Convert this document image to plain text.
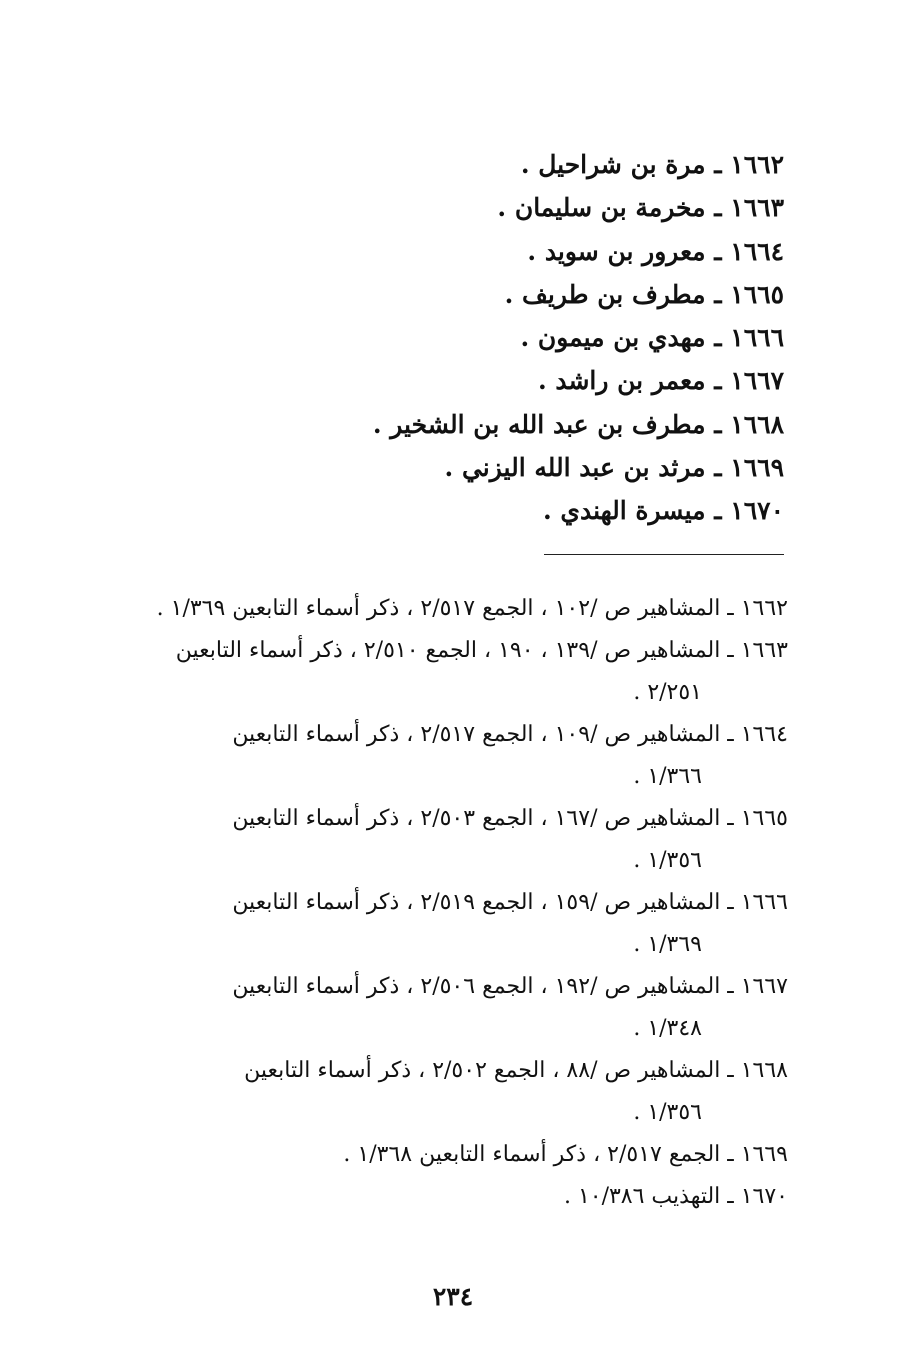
١٦٦٢ ـ مرة بن شراحيل .
١٦٦٣ ـ مخرمة بن سليمان .
١٦٦٤ ـ معرور بن سويد .
١٦٦٥ ـ مطرف بن طريف .
١٦٦٦ ـ مهدي بن ميمون .
١٦٦٧ ـ معمر بن راشد .
١٦٦٨ ـ مطرف بن عبد الله بن الشخير .
١٦٦٩ ـ مرثد بن عبد الله اليزني .
١٦٧٠ ـ ميسرة الهندي .
١٦٦٢ ـ المشاهير ص /١٠٢ ، الجمع ٢/٥١٧ ، ذكر أسماء التابعين ١/٣٦٩ .
١٦٦٣ ـ المشاهير ص /١٣٩ ، ١٩٠ ، الجمع ٢/٥١٠ ، ذكر أسماء التابعين
٢/٢٥١ .
١٦٦٤ ـ المشاهير ص /١٠٩ ، الجمع ٢/٥١٧ ، ذكر أسماء التابعين
١/٣٦٦ .
١٦٦٥ ـ المشاهير ص /١٦٧ ، الجمع ٢/٥٠٣ ، ذكر أسماء التابعين
١/٣٥٦ .
١٦٦٦ ـ المشاهير ص /١٥٩ ، الجمع ٢/٥١٩ ، ذكر أسماء التابعين
١/٣٦٩ .
١٦٦٧ ـ المشاهير ص /١٩٢ ، الجمع ٢/٥٠٦ ، ذكر أسماء التابعين
١/٣٤٨ .
١٦٦٨ ـ المشاهير ص /٨٨ ، الجمع ٢/٥٠٢ ، ذكر أسماء التابعين
١/٣٥٦ .
١٦٦٩ ـ الجمع ٢/٥١٧ ، ذكر أسماء التابعين ١/٣٦٨ .
١٦٧٠ ـ التهذيب ١٠/٣٨٦ .
٢٣٤
